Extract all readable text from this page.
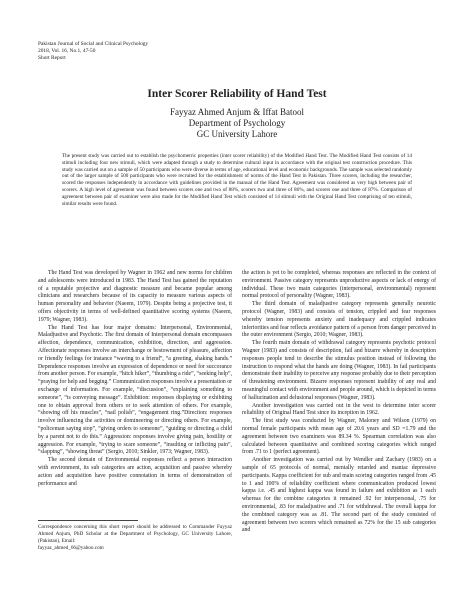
Pakistan Journal of Social and Clinical Psychology
2018, Vol. 16, No.1, 47-50
Short Report
Inter Scorer Reliability of Hand Test
Fayyaz Ahmed Anjum & Iffat Batool
Department of Psychology
GC University Lahore
The present study was carried out to establish the psychometric properties (inter scorer reliability) of the Modified Hand Test. The Modified Hand Test consists of 14 stimuli including four new stimuli, which were adapted through a study to determine cultural input in accordance with the original test construction procedure. This study was carried out on a sample of 50 participants who were diverse in terms of age, educational level and economic backgrounds. The sample was selected randomly out of the larger sample of 500 participants who were recruited for the establishment of norms of the Hand Test in Pakistan. Three scorers, including the researcher, scored the responses independently in accordance with guidelines provided in the manual of the Hand Test. Agreement was considered as very high between pair of scorers. A high level of agreement was found between scorers one and two of 88%, scorers two and three of 86%, and scorers one and three of 87%. Comparison of agreement between pair of examiner were also made for the Modified Hand Test which consisted of 14 stimuli with the Original Hand Test comprising of ten stimuli, similar results were found.

The Hand Test was developed by Wagner in 1962 and new norms for children and adolescents were introduced in 1983. The Hand Test has gained the reputation of a reputable projective and diagnostic measure and became popular among clinicians and researchers because of its capacity to measure various aspects of human personality and behavior (Naeem, 1979). Despite being a projective test, it offers objectivity in terms of well-defined quantitative scoring systems (Naeem, 1979; Wagner, 1983).

The Hand Test has four major domains: Interpersonal, Environmental, Maladjustive and Psychotic. The first domain of Interpersonal domain encompasses affection, dependence, communication, exhibition, direction, and aggression. Affectionate responses involve an interchange or bestowment of pleasure, affection or friendly feelings for instance “waving to a friend”, “a greeting, shaking hands.” Dependence responses involve an expression of dependence or need for succorance from another person. For example, “hitch hiker”, “thumbing a ride”, “seeking help”, “praying for help and begging.” Communication responses involve a presentation or exchange of information. For example, “discussion”, “explaining something to someone”, “is conveying message”. Exhibition: responses displaying or exhibiting one to obtain approval from others or to seek attention of others. For example, “showing off his muscles”, “nail polish”, “engagement ring.”Direction: responses involve influencing the activities or domineering or directing others. For example, “policeman saying stop”, “giving orders to someone”, “guiding or directing a child by a parent not to do this.” Aggression: responses involve giving pain, hostility or aggression. For example, “trying to scare someone”, “insulting or inflicting pain”, “slapping”, “showing threat” (Sergio, 2010; Sinkler, 1973; Wagner, 1983).

The second domain of Environmental responses reflect a person interaction with environment, its sub categories are action, acquisition and passive whereby action and acquisition have positive connotation in terms of demonstration of performance and

the action is yet to be completed, whereas responses are reflected in the context of environment. Passive category represents unproductive aspects or lack of energy of individual. These two main categories (interpersonal, environmental) represent normal protocol of personality (Wagner, 1983).

The third domain of maladjustive category represents generally neurotic protocol (Wagner, 1983) and consists of tension, crippled and fear responses whereby tension represents anxiety and inadequacy and crippled indicates inferiorities and fear reflects avoidance pattern of a person from danger perceived in the outer environment (Sergio, 2010; Wagner, 1983).

The fourth main domain of withdrawal category represents psychotic protocol Wagner (1983) and consists of description, fail and bizarre whereby in description responses people tend to describe the stimulus position instead of following the instruction to respond what the hands are doing (Wagner, 1983). In fail participants demonstrate their inability to perceive any response probably due to their perception of threatening environment. Bizarre responses represent inability of any real and meaningful contact with environment and people around, which is depicted in terms of hallucination and delusional responses (Wagner, 1983).

Another investigation was carried out in the west to determine inter scorer reliability of Original Hand Test since its inception in 1962.

The first study was conducted by Wagner, Maloney and Wilson (1979) on normal female participants with mean age of 20.6 years and SD =1.79 and the agreement between two examiners was 89.34 %. Spearman correlation was also calculated between quantitative and combined scoring categories which ranged from .71 to 1 (perfect agreement).

Another investigation was carried out by Wendler and Zachary (1983) on a sample of 65 protocols of normal, mentally retarded and maniac depressive participants. Kappa coefficient for sub and main scoring categories ranged from .45 to 1 and 100% of reliability coefficient where communication produced lowest kappa i.e. .45 and highest kappa was found in failure and exhibition as 1 each whereas for the combine categories it remained .92 for interpersonal, .75 for environmental, .83 for maladjustive and .71 for withdrawal. The overall kappa for the combined category was as .81. The second part of the study consisted of agreement between two scorers which remained as 72% for the 15 sub categories and

Correspondence concerning this short report should be addressed to Commander Fayyaz Ahmed Anjum, PhD Scholar at the Department of Psychology, GC University Lahore, (Pakistan), Email:
fayyaz_ahmed_66@yahoo.com
